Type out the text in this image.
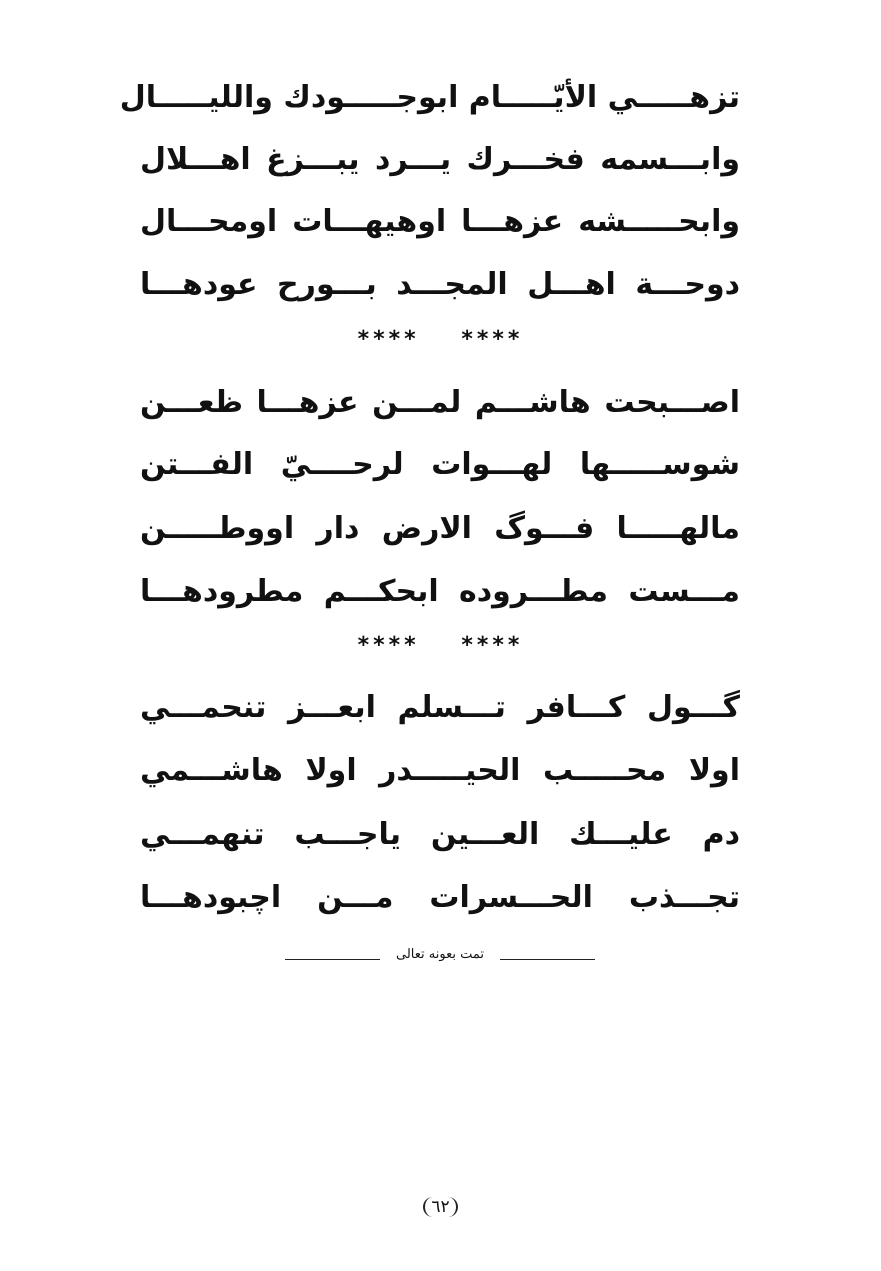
تزهـــــي الأيّـــــام ابوجـــــودك والليـــــال
وابـــسمه فخـــرك يـــرد يبـــزغ اهـــلال
وابحـــــشه عزهـــا اوهيهـــات اومحـــال
دوحـــة اهـــل المجـــد بـــورح عودهـــا
**** ****
اصـــبحت هاشـــم لمـــن عزهـــا ظعـــن
شوســـــها لهـــوات لرحــــيّ الفـــتن
مالهـــــا فـــوگ الارض دار اووطـــــن
مـــست مطـــروده ابحكـــم مطرودهـــا
**** ****
گـــول كـــافر تـــسلم ابعـــز تنحمـــي
اولا محـــــب الحيـــــدر اولا هاشـــمي
دم عليـــك العـــين ياجـــب تنهمـــي
تجـــذب الحـــسرات مـــن اچبودهـــا
تمت بعونه تعالى
٦٢
